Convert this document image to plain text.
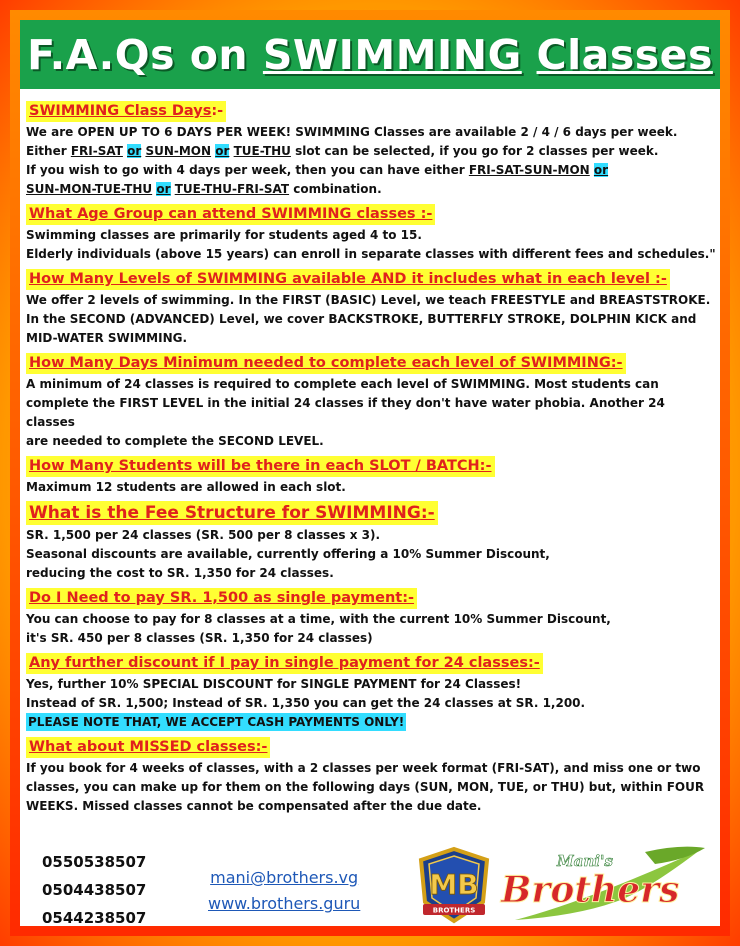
F.A.Qs on SWIMMING Classes
SWIMMING Class Days:-
We are OPEN UP TO 6 DAYS PER WEEK! SWIMMING Classes are available 2 / 4 / 6 days per week.
Either FRI-SAT or SUN-MON or TUE-THU slot can be selected, if you go for 2 classes per week.
If you wish to go with 4 days per week, then you can have either FRI-SAT-SUN-MON or
SUN-MON-TUE-THU or TUE-THU-FRI-SAT combination.
What Age Group can attend SWIMMING classes :-
Swimming classes are primarily for students aged 4 to 15.
Elderly individuals (above 15 years) can enroll in separate classes with different fees and schedules."
How Many Levels of SWIMMING available AND it includes what in each level :-
We offer 2 levels of swimming. In the FIRST (BASIC) Level, we teach FREESTYLE and BREASTSTROKE.
In the SECOND (ADVANCED) Level, we cover BACKSTROKE, BUTTERFLY STROKE, DOLPHIN KICK and
MID-WATER SWIMMING.
How Many Days Minimum needed to complete each level of SWIMMING:-
A minimum of 24 classes is required to complete each level of SWIMMING. Most students can
complete the FIRST LEVEL in the initial 24 classes if they don't have water phobia. Another 24 classes
are needed to complete the SECOND LEVEL.
How Many Students will be there in each SLOT / BATCH:-
Maximum 12 students are allowed in each slot.
What is the Fee Structure for SWIMMING:-
SR. 1,500 per 24 classes (SR. 500 per 8 classes x 3).
Seasonal discounts are available, currently offering a 10% Summer Discount,
reducing the cost to SR. 1,350 for 24 classes.
Do I Need to pay SR. 1,500 as single payment:-
You can choose to pay for 8 classes at a time, with the current 10% Summer Discount,
it's SR. 450 per 8 classes (SR. 1,350 for 24 classes)
Any further discount if I pay in single payment for 24 classes:-
Yes, further 10% SPECIAL DISCOUNT for SINGLE PAYMENT for 24 Classes!
Instead of SR. 1,500; Instead of SR. 1,350 you can get the 24 classes at SR. 1,200.
PLEASE NOTE THAT, WE ACCEPT CASH PAYMENTS ONLY!
What about MISSED classes:-
If you book for 4 weeks of classes, with a 2 classes per week format (FRI-SAT), and miss one or two
classes, you can make up for them on the following days (SUN, MON, TUE, or THU) but, within FOUR
WEEKS. Missed classes cannot be compensated after the due date.
0550538507
0504438507
0544238507
mani@brothers.vg
www.brothers.guru
MB
BROTHERS
Mani's
Brothers
